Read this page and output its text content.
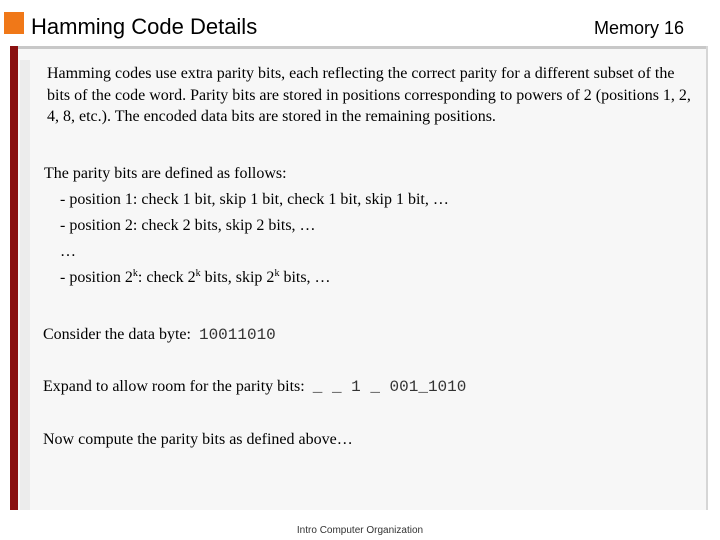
Hamming Code Details	Memory 16
Hamming codes use extra parity bits, each reflecting the correct parity for a different subset of the bits of the code word. Parity bits are stored in positions corresponding to powers of 2 (positions 1, 2, 4, 8, etc.). The encoded data bits are stored in the remaining positions.
The parity bits are defined as follows:
- position 1: check 1 bit, skip 1 bit, check 1 bit, skip 1 bit, …
- position 2: check 2 bits, skip 2 bits, …
…
- position 2$^k$: check 2$^k$ bits, skip 2$^k$ bits, …
Consider the data byte: 10011010
Expand to allow room for the parity bits: _ _ 1 _ 001_1010
Now compute the parity bits as defined above…
Intro Computer Organization
